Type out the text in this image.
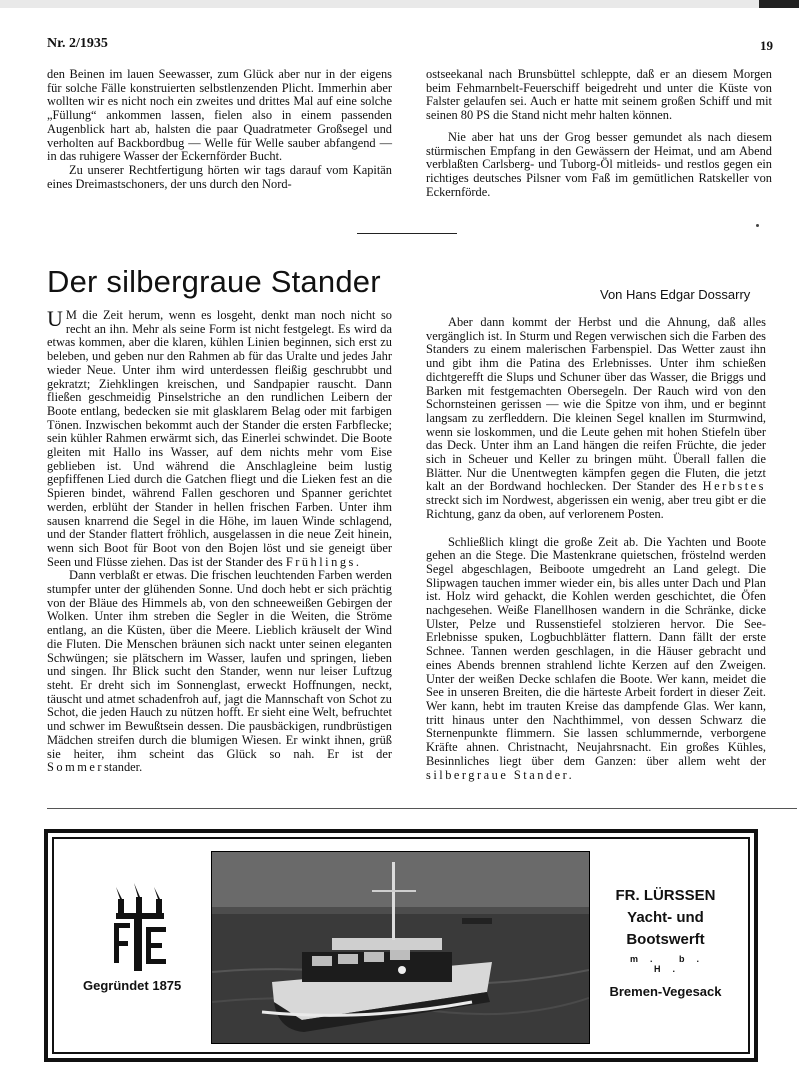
Nr. 2/1935	19

den Beinen im lauen Seewasser, zum Glück aber nur in der eigens für solche Fälle konstruierten selbstlenzenden Plicht. Immerhin aber wollten wir es nicht noch ein zweites und drittes Mal auf eine solche „Füllung“ ankommen lassen, fielen also in einem passenden Augenblick hart ab, halsten die paar Quadratmeter Großsegel und verholten auf Backbordbug — Welle für Welle sauber abfangend — in das ruhigere Wasser der Eckernförder Bucht.

Zu unserer Rechtfertigung hörten wir tags darauf vom Kapitän eines Dreimastschoners, der uns durch den Nord-

ostseekanal nach Brunsbüttel schleppte, daß er an diesem Morgen beim Fehmarnbelt-Feuerschiff beigedreht und unter die Küste von Falster gelaufen sei. Auch er hatte mit seinem großen Schiff und mit seinen 80 PS die Stand nicht mehr halten können.

Nie aber hat uns der Grog besser gemundet als nach diesem stürmischen Empfang in den Gewässern der Heimat, und am Abend verblaßten Carlsberg- und Tuborg-Öl mitleids- und restlos gegen ein richtiges deutsches Pilsner vom Faß im gemütlichen Ratskeller von Eckernförde.

Der silbergraue Stander	Von Hans Edgar Dossarry

U M die Zeit herum, wenn es losgeht, denkt man noch nicht so recht an ihn. Mehr als seine Form ist nicht festgelegt. Es wird da etwas kommen, aber die klaren, kühlen Linien beginnen, sich erst zu beleben, und geben nur den Rahmen ab für das Uralte und jedes Jahr wieder Neue. Unter ihm wird unterdessen fleißig geschrubbt und gekratzt; Ziehklingen kreischen, und Sandpapier rauscht. Dann fließen geschmeidig Pinselstriche an den rundlichen Leibern der Boote entlang, bedecken sie mit glasklarem Belag oder mit farbigen Tönen. Inzwischen bekommt auch der Stander die ersten Farbflecke; sein kühler Rahmen erwärmt sich, das Einerlei schwindet. Die Boote gleiten mit Hallo ins Wasser, auf dem nichts mehr vom Eise geblieben ist. Und während die Anschlagleine beim lustig gepfiffenen Lied durch die Gatchen fliegt und die Lieken fest an die Spieren bindet, während Fallen geschoren und Spanner gerichtet werden, erblüht der Stander in hellen frischen Farben. Unter ihm sausen knarrend die Segel in die Höhe, im lauen Winde schlagend, und der Stander flattert fröhlich, ausgelassen in die neue Zeit hinein, wenn sich Boot für Boot von den Bojen löst und sie geneigt über Seen und Flüsse ziehen. Das ist der Stander des Frühlings.

Dann verblaßt er etwas. Die frischen leuchtenden Farben werden stumpfer unter der glühenden Sonne. Und doch hebt er sich prächtig von der Bläue des Himmels ab, von den schneeweißen Gebirgen der Wolken. Unter ihm streben die Segler in die Weiten, die Ströme entlang, an die Küsten, über die Meere. Lieblich kräuselt der Wind die Fluten. Die Menschen bräunen sich nackt unter seinen eleganten Schwüngen; sie plätschern im Wasser, laufen und springen, lieben und singen. Ihr Blick sucht den Stander, wenn nur leiser Luftzug steht. Er dreht sich im Sonnenglast, erweckt Hoffnungen, neckt, täuscht und atmet schadenfroh auf, jagt die Mannschaft von Schot zu Schot, die jeden Hauch zu nützen hofft. Er sieht eine Welt, befruchtet und schwer im Bewußtsein dessen. Die pausbäckigen, rundbrüstigen Mädchen streifen durch die blumigen Wiesen. Er winkt ihnen, grüß sie heiter, ihm scheint das Glück so nah. Er ist der Sommerstander.

Aber dann kommt der Herbst und die Ahnung, daß alles vergänglich ist. In Sturm und Regen verwischen sich die Farben des Standers zu einem malerischen Farbenspiel. Das Wetter zaust ihn und gibt ihm die Patina des Erlebnisses. Unter ihm schießen dichtgerefft die Slups und Schuner über das Wasser, die Briggs und Barken mit festgemachten Obersegeln. Der Rauch wird von den Schornsteinen gerissen — wie die Spitze von ihm, und er beginnt langsam zu zerfleddern. Die kleinen Segel knallen im Sturmwind, wenn sie loskommen, und die Leute gehen mit hohen Stiefeln über das Deck. Unter ihm an Land hängen die reifen Früchte, die jeder sich in Scheuer und Keller zu bringen müht. Überall fallen die Blätter. Nur die Unentwegten kämpfen gegen die Fluten, die jetzt kalt an der Bordwand hochlecken. Der Stander des Herbstes streckt sich im Nordwest, abgerissen ein wenig, aber treu gibt er die Richtung, ganz da oben, auf verlorenem Posten.

Schließlich klingt die große Zeit ab. Die Yachten und Boote gehen an die Stege. Die Mastenkrane quietschen, fröstelnd werden Segel abgeschlagen, Beiboote umgedreht an Land gelegt. Die Slipwagen tauchen immer wieder ein, bis alles unter Dach und Plan ist. Holz wird gehackt, die Kohlen werden geschichtet, die Öfen nachgesehen. Weiße Flanellhosen wandern in die Schränke, dicke Ulster, Pelze und Russenstiefel stolzieren hervor. Die See-Erlebnisse spuken, Logbuchblätter flattern. Dann fällt der erste Schnee. Tannen werden geschlagen, in die Häuser gebracht und eines Abends brennen strahlend lichte Kerzen auf den Zweigen. Unter der weißen Decke schlafen die Boote. Wer kann, meidet die See in unseren Breiten, die die härteste Arbeit fordert in dieser Zeit. Wer kann, hebt im trauten Kreise das dampfende Glas. Wer kann, tritt hinaus unter den Nachthimmel, von dessen Schwarz die Sternenpunkte flimmern. Sie lassen schlummernde, verborgene Kräfte ahnen. Christnacht, Neujahrsnacht. Ein großes Kühles, Besinnliches liegt über dem Ganzen: über allem weht der silbergraue Stander.

Gegründet 1875
FR. LÜRSSEN
Yacht- und
Bootswerft
m. b. H.
Bremen-Vegesack
